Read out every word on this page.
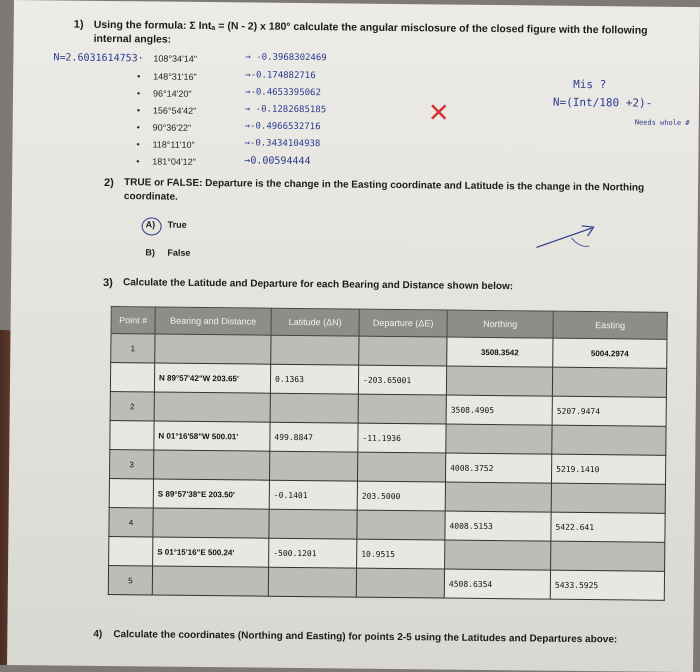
1) Using the formula: Σ Intₐ = (N - 2) x 180° calculate the angular misclosure of the closed figure with the following
internal angles:
N=2.6031614753· 108°34'14"
• 148°31'16"
• 96°14'20"
• 156°54'42"
• 90°36'22"
• 118°11'10"
• 181°04'12"
→ -0.3968302469
→-0.174882716
→-0.4653395062
→ -0.1282685185
→-0.4966532716
→-0.3434104938
→0.00594444
✕
Mis ?
N=(Int/180 +2)-
Needs whole #
2) TRUE or FALSE: Departure is the change in the Easting coordinate and Latitude is the change in the Northing
coordinate.
A) True
B) False
3) Calculate the Latitude and Departure for each Bearing and Distance shown below:
Point #	Bearing and Distance	Latitude (ΔN)	Departure (ΔE)	Northing	Easting
1				3508.3542	5004.2974
	N 89°57'42"W 203.65'	0.1363	-203.65001		
2				3508.4905	5207.9474
	N 01°16'58"W 500.01'	499.8847	-11.1936		
3				4008.3752	5219.1410
	S 89°57'38"E 203.50'	-0.1401	203.5000		
4				4008.5153	5422.641
	S 01°15'16"E 500.24'	-500.1201	10.9515		
5				4508.6354	5433.5925
4) Calculate the coordinates (Northing and Easting) for points 2-5 using the Latitudes and Departures above:
